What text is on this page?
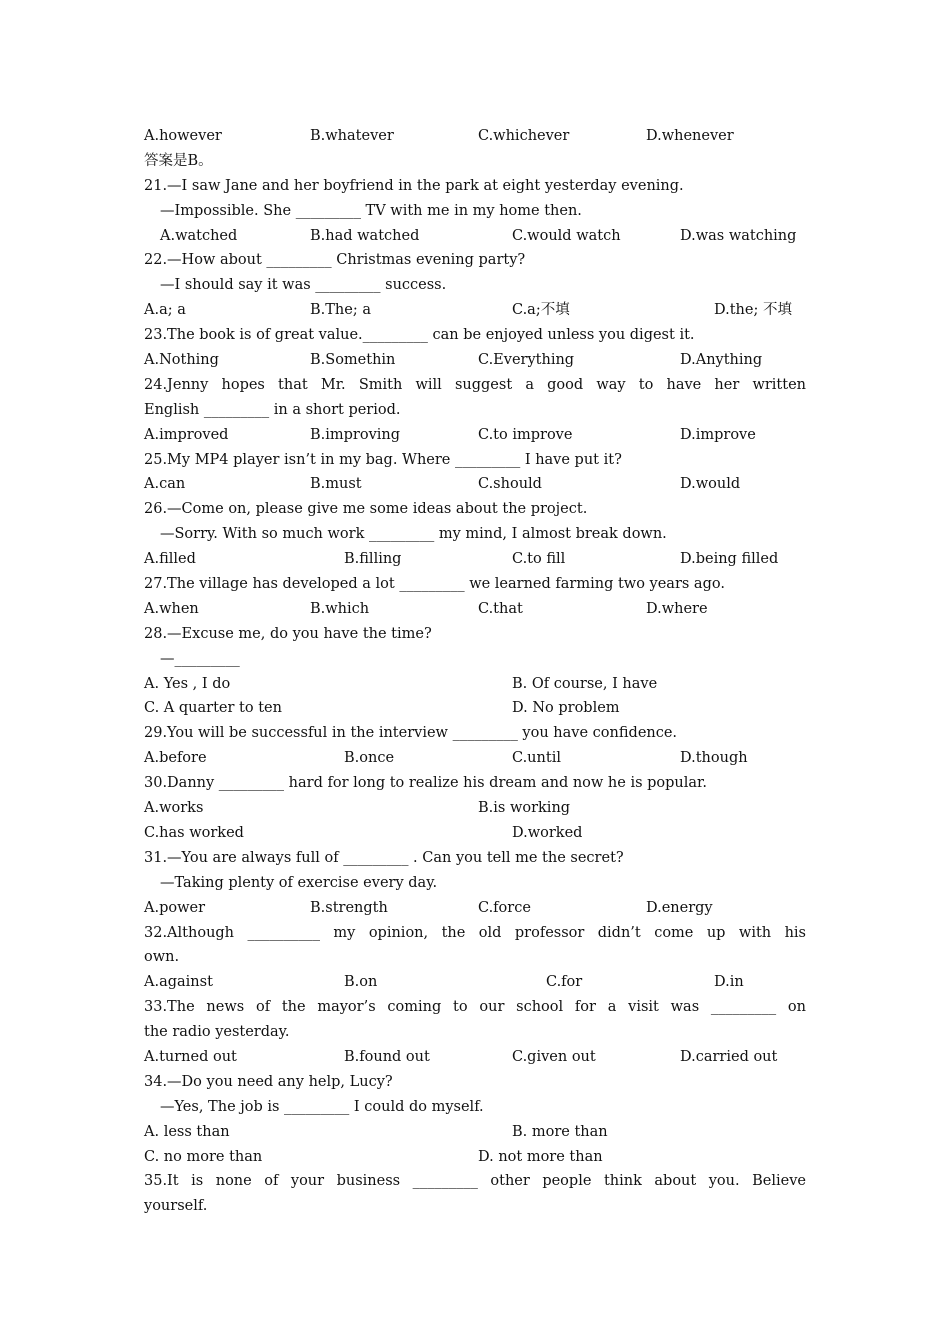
A.however	B.whatever	C.whichever	D.whenever
答案是B。
21.—I saw Jane and her boyfriend in the park at eight yesterday evening.
—Impossible. She _________ TV with me in my home then.
A.watched	B.had watched	C.would watch	D.was watching
22.—How about _________ Christmas evening party?
—I should say it was _________ success.
A.a; a	B.The; a	C.a;不填	D.the; 不填
23.The book is of great value._________ can be enjoyed unless you digest it.
A.Nothing	B.Somethin	C.Everything	D.Anything
24.Jenny hopes that Mr. Smith will suggest a good way to have her written
English _________ in a short period.
A.improved	B.improving	C.to improve	D.improve
25.My MP4 player isn’t in my bag. Where _________ I have put it?
A.can	B.must	C.should	D.would
26.—Come on, please give me some ideas about the project.
—Sorry. With so much work _________ my mind, I almost break down.
A.filled	B.filling	C.to fill	D.being filled
27.The village has developed a lot _________ we learned farming two years ago.
A.when	B.which	C.that	D.where
28.—Excuse me, do you have the time?
—_________
A. Yes , I do	B. Of course, I have
C. A quarter to ten	D. No problem
29.You will be successful in the interview _________ you have confidence.
A.before	B.once	C.until	D.though
30.Danny _________ hard for long to realize his dream and now he is popular.
A.works	B.is working
C.has worked	D.worked
31.—You are always full of _________ . Can you tell me the secret?
—Taking plenty of exercise every day.
A.power	B.strength	C.force	D.energy
32.Although __________ my opinion, the old professor didn’t come up with his
own.
A.against	B.on	C.for	D.in
33.The news of the mayor’s coming to our school for a visit was _________ on
the radio yesterday.
A.turned out	B.found out	C.given out	D.carried out
34.—Do you need any help, Lucy?
—Yes, The job is _________ I could do myself.
A. less than	B. more than
C. no more than	D. not more than
35.It is none of your business _________ other people think about you. Believe
yourself.
